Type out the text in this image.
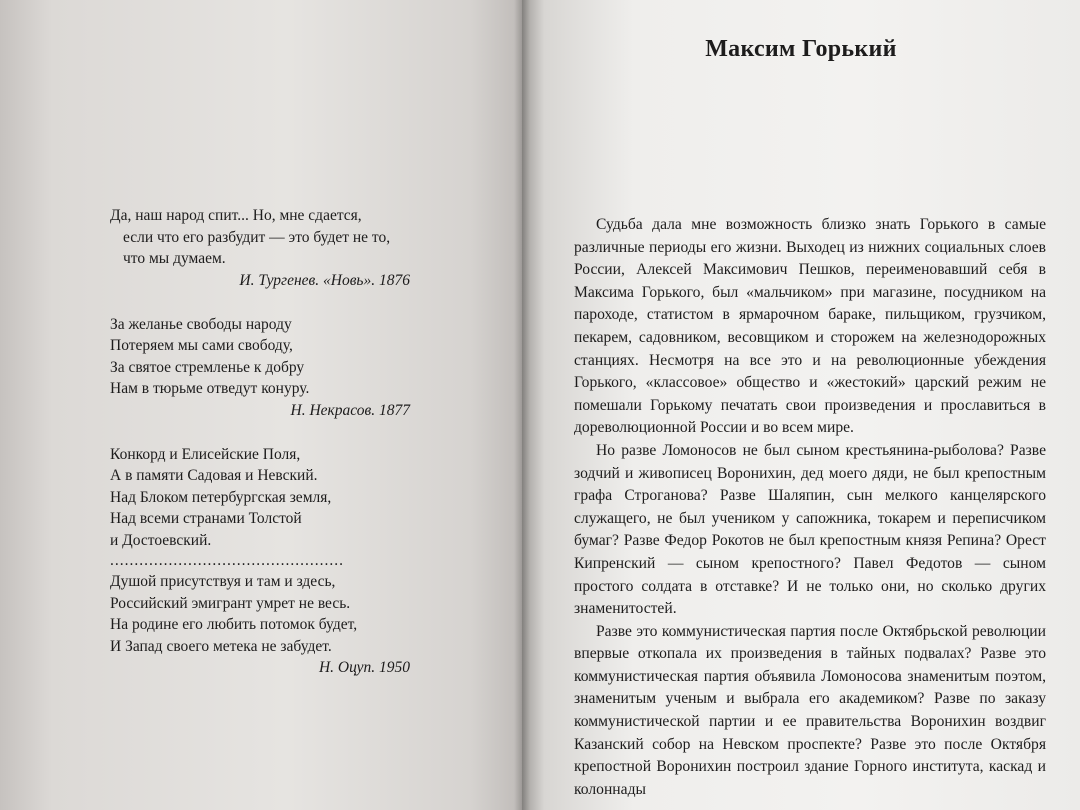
Да, наш народ спит... Но, мне сдается,
если что его разбудит — это будет не то,
что мы думаем.
И. Тургенев. «Новь». 1876
За желанье свободы народу
Потеряем мы сами свободу,
За святое стремленье к добру
Нам в тюрьме отведут конуру.
Н. Некрасов. 1877
Конкорд и Елисейские Поля,
А в памяти Садовая и Невский.
Над Блоком петербургская земля,
Над всеми странами Толстой
и Достоевский.
................................................
Душой присутствуя и там и здесь,
Российский эмигрант умрет не весь.
На родине его любить потомок будет,
И Запад своего метека не забудет.
Н. Оцуп. 1950
Максим Горький

Судьба дала мне возможность близко знать Горького в самые различные периоды его жизни. Выходец из нижних социальных слоев России, Алексей Максимович Пешков, переименовавший себя в Максима Горького, был «мальчиком» при магазине, посудником на пароходе, статистом в ярмарочном бараке, пильщиком, грузчиком, пекарем, садовником, весовщиком и сторожем на железнодорожных станциях. Несмотря на все это и на революционные убеждения Горького, «классовое» общество и «жестокий» царский режим не помешали Горькому печатать свои произведения и прославиться в дореволюционной России и во всем мире.

Но разве Ломоносов не был сыном крестьянина-рыболова? Разве зодчий и живописец Воронихин, дед моего дяди, не был крепостным графа Строганова? Разве Шаляпин, сын мелкого канцелярского служащего, не был учеником у сапожника, токарем и переписчиком бумаг? Разве Федор Рокотов не был крепостным князя Репина? Орест Кипренский — сыном крепостного? Павел Федотов — сыном простого солдата в отставке? И не только они, но сколько других знаменитостей.

Разве это коммунистическая партия после Октябрьской революции впервые откопала их произведения в тайных подвалах? Разве это коммунистическая партия объявила Ломоносова знаменитым поэтом, знаменитым ученым и выбрала его академиком? Разве по заказу коммунистической партии и ее правительства Воронихин воздвиг Казанский собор на Невском проспекте? Разве это после Октября крепостной Воронихин построил здание Горного института, каскад и колоннады
